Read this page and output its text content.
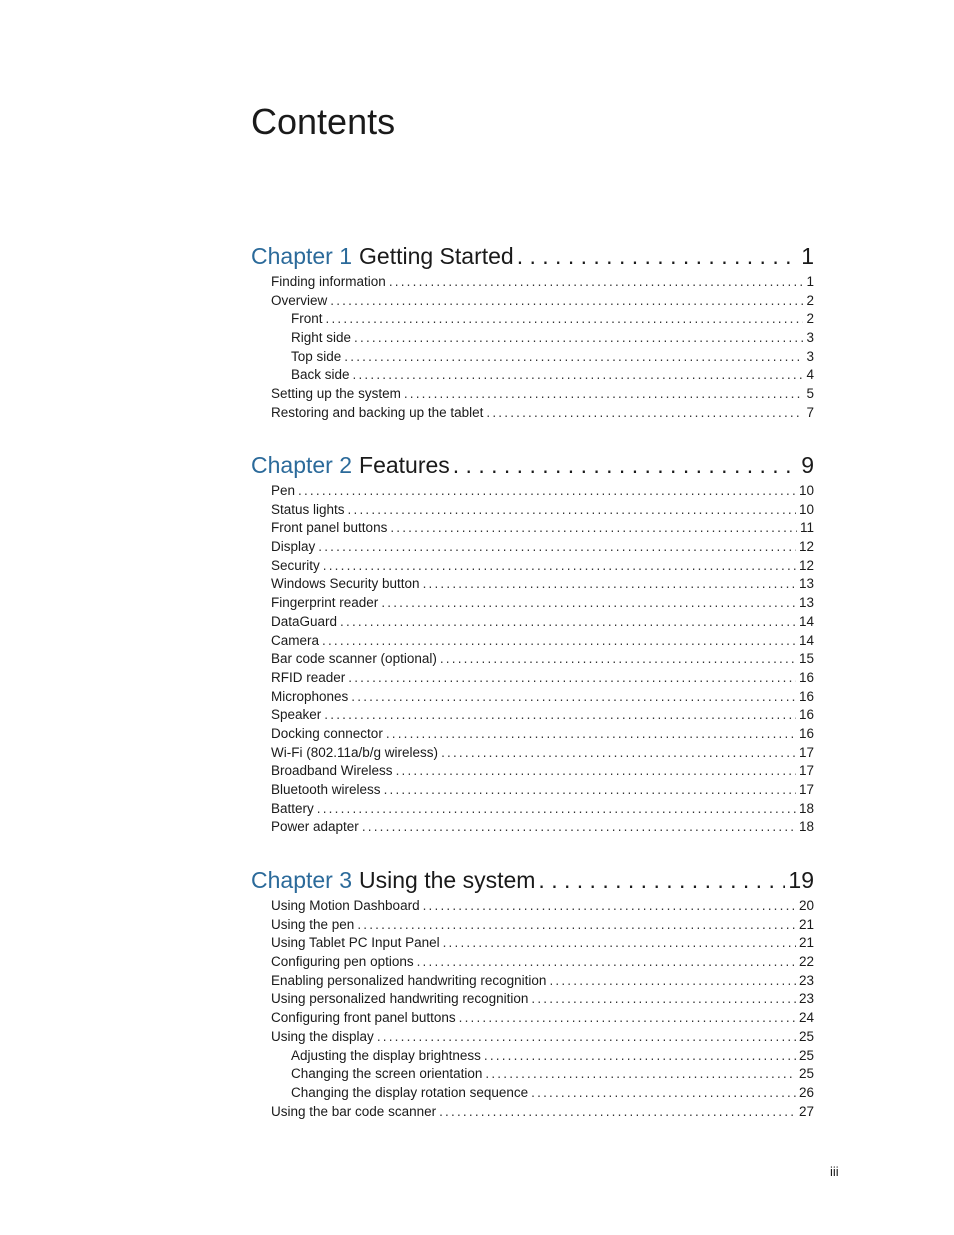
Contents
Chapter 1 Getting Started . . .	1
Finding information .....	1
Overview .....	2
Front .....	2
Right side .....	3
Top side .....	3
Back side .....	4
Setting up the system .....	5
Restoring and backing up the tablet .....	7
Chapter 2 Features . . .	9
Pen .....	10
Status lights .....	10
Front panel buttons .....	11
Display .....	12
Security .....	12
Windows Security button .....	13
Fingerprint reader .....	13
DataGuard .....	14
Camera .....	14
Bar code scanner (optional) .....	15
RFID reader .....	16
Microphones .....	16
Speaker .....	16
Docking connector .....	16
Wi-Fi (802.11a/b/g wireless) .....	17
Broadband Wireless .....	17
Bluetooth wireless .....	17
Battery .....	18
Power adapter .....	18
Chapter 3 Using the system . . .	19
Using Motion Dashboard .....	20
Using the pen .....	21
Using Tablet PC Input Panel .....	21
Configuring pen options .....	22
Enabling personalized handwriting recognition .....	23
Using personalized handwriting recognition .....	23
Configuring front panel buttons .....	24
Using the display .....	25
Adjusting the display brightness .....	25
Changing the screen orientation .....	25
Changing the display rotation sequence .....	26
Using the bar code scanner .....	27
iii
